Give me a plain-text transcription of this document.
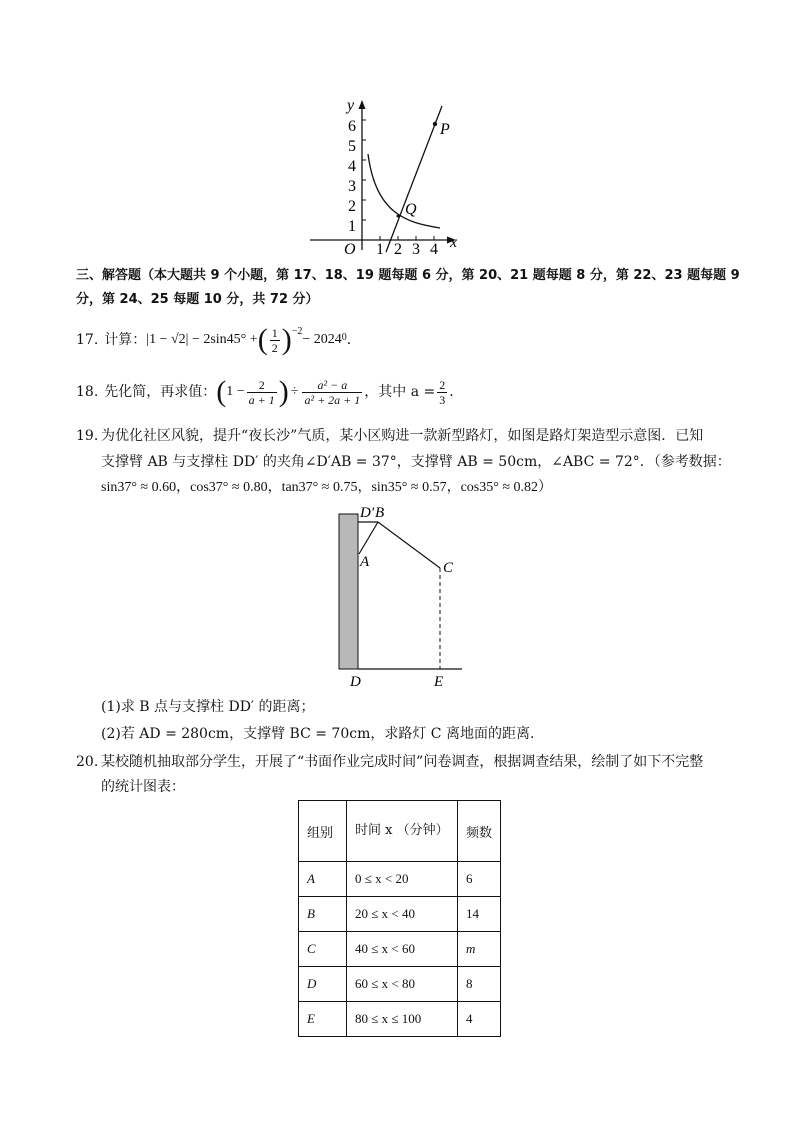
y
x
O
6
5
4
3
2
1
1 2 3 4
P
Q
三、解答题（本大题共 9 个小题，第 17、18、19 题每题 6 分，第 20、21 题每题 8 分，第 22、23 题每题 9
分，第 24、25 每题 10 分，共 72 分）
17. 计算： |1 − √2| − 2sin45° + ( $\frac{1}{2} )^{-2}$
− 2024 0 .
18. 先化简，再求值： ( $1 - \frac{2}{a + 1}$ ) ÷ $\frac{\text{a² − a}}{\text{a² + 2a + 1}}$ ，其中 $a = \frac{2}{3}$ .
19. 为优化社区风貌，提升“夜长沙”气质，某小区购进一款新型路灯，如图是路灯架造型示意图．已知
支撑臂 AB 与支撑柱 DD′ 的夹角∠D′AB = 37°，支撑臂 AB = 50cm，∠ABC = 72°．（参考数据：
sin37° ≈ 0.60，cos37° ≈ 0.80，tan37° ≈ 0.75，sin35° ≈ 0.57，cos35° ≈ 0.82）
D′ B
A	C
D	E
(1)求 B 点与支撑柱 DD′ 的距离；
(2)若 AD = 280cm，支撑臂 BC = 70cm，求路灯 C 离地面的距离.
20. 某校随机抽取部分学生，开展了“书面作业完成时间”问卷调查，根据调查结果，绘制了如下不完整
的统计图表：
组别	时间 x （分钟）	频数
A	0 ≤ x < 20	6
B	20 ≤ x < 40	14
C	40 ≤ x < 60	m
D	60 ≤ x < 80	8
E	80 ≤ x ≤ 100	4
